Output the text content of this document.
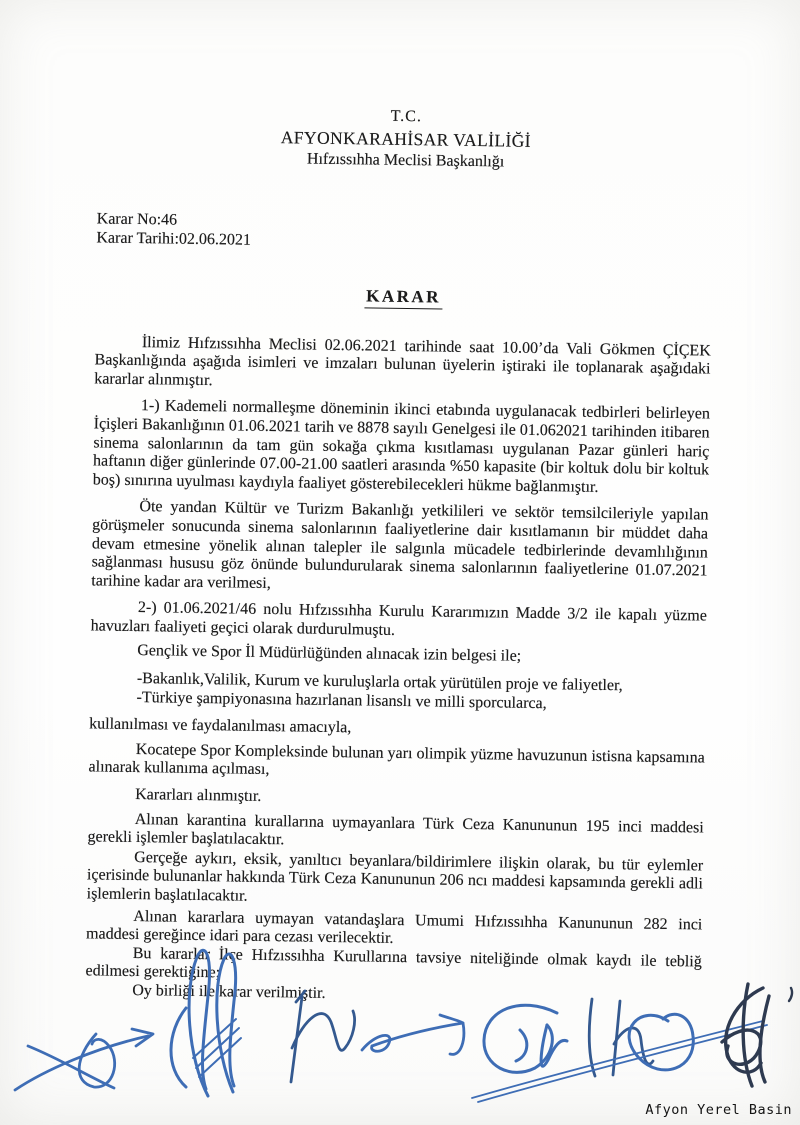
T.C.
AFYONKARAHİSAR VALİLİĞİ
Hıfzıssıhha Meclisi Başkanlığı
Karar No:46
Karar Tarihi:02.06.2021
KARAR

İlimiz Hıfzıssıhha Meclisi 02.06.2021 tarihinde saat 10.00’da Vali Gökmen ÇİÇEK Başkanlığında aşağıda isimleri ve imzaları bulunan üyelerin iştiraki ile toplanarak aşağıdaki kararlar alınmıştır.

1-) Kademeli normalleşme döneminin ikinci etabında uygulanacak tedbirleri belirleyen İçişleri Bakanlığının 01.06.2021 tarih ve 8878 sayılı Genelgesi ile 01.062021 tarihinden itibaren sinema salonlarının da tam gün sokağa çıkma kısıtlaması uygulanan Pazar günleri hariç haftanın diğer günlerinde 07.00-21.00 saatleri arasında %50 kapasite (bir koltuk dolu bir koltuk boş) sınırına uyulması kaydıyla faaliyet gösterebilecekleri hükme bağlanmıştır.

Öte yandan Kültür ve Turizm Bakanlığı yetkilileri ve sektör temsilcileriyle yapılan görüşmeler sonucunda sinema salonlarının faaliyetlerine dair kısıtlamanın bir müddet daha devam etmesine yönelik alınan talepler ile salgınla mücadele tedbirlerinde devamlılığının sağlanması hususu göz önünde bulundurularak sinema salonlarının faaliyetlerine 01.07.2021 tarihine kadar ara verilmesi,

2-) 01.06.2021/46 nolu Hıfzıssıhha Kurulu Kararımızın Madde 3/2 ile kapalı yüzme havuzları faaliyeti geçici olarak durdurulmuştu.

Gençlik ve Spor İl Müdürlüğünden alınacak izin belgesi ile;

-Bakanlık,Valilik, Kurum ve kuruluşlarla ortak yürütülen proje ve faliyetler,

-Türkiye şampiyonasına hazırlanan lisanslı ve milli sporcularca,

kullanılması ve faydalanılması amacıyla,

Kocatepe Spor Kompleksinde bulunan yarı olimpik yüzme havuzunun istisna kapsamına alınarak kullanıma açılması,

Kararları alınmıştır.

Alınan karantina kurallarına uymayanlara Türk Ceza Kanununun 195 inci maddesi gerekli işlemler başlatılacaktır.

Gerçeğe aykırı, eksik, yanıltıcı beyanlara/bildirimlere ilişkin olarak, bu tür eylemler içerisinde bulunanlar hakkında Türk Ceza Kanununun 206 ncı maddesi kapsamında gerekli adli işlemlerin başlatılacaktır.

Alınan kararlara uymayan vatandaşlara Umumi Hıfzıssıhha Kanununun 282 inci maddesi gereğince idari para cezası verilecektir.

Bu kararlar İlçe Hıfzıssıhha Kurullarına tavsiye niteliğinde olmak kaydı ile tebliğ edilmesi gerektiğine;

Oy birliği ile karar verilmiştir.

Afyon Yerel Basin
